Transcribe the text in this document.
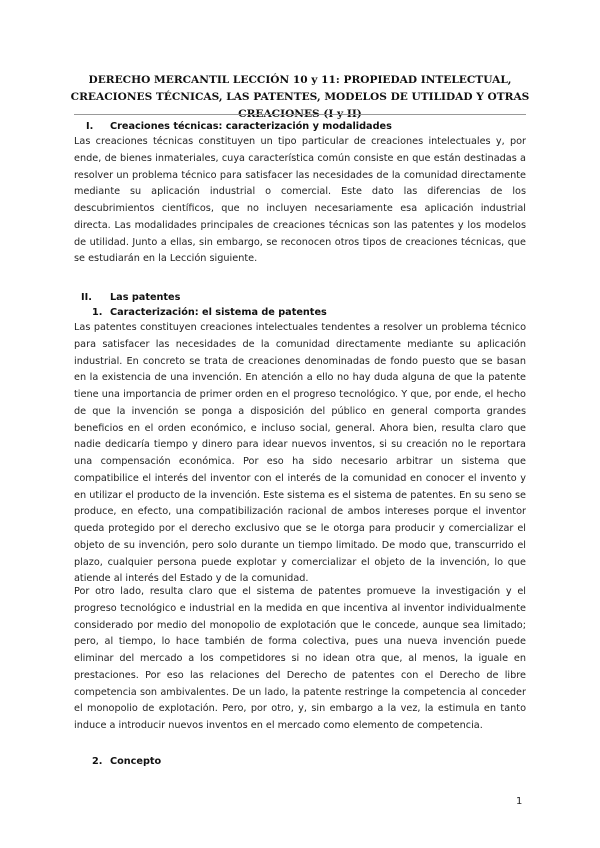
DERECHO MERCANTIL LECCIÓN 10 y 11: PROPIEDAD INTELECTUAL, CREACIONES TÉCNICAS, LAS PATENTES, MODELOS DE UTILIDAD Y OTRAS CREACIONES (I y II)
I. Creaciones técnicas: caracterización y modalidades

Las creaciones técnicas constituyen un tipo particular de creaciones intelectuales y, por ende, de bienes inmateriales, cuya característica común consiste en que están destinadas a resolver un problema técnico para satisfacer las necesidades de la comunidad directamente mediante su aplicación industrial o comercial. Este dato las diferencias de los descubrimientos científicos, que no incluyen necesariamente esa aplicación industrial directa. Las modalidades principales de creaciones técnicas son las patentes y los modelos de utilidad. Junto a ellas, sin embargo, se reconocen otros tipos de creaciones técnicas, que se estudiarán en la Lección siguiente.

II. Las patentes
1. Caracterización: el sistema de patentes

Las patentes constituyen creaciones intelectuales tendentes a resolver un problema técnico para satisfacer las necesidades de la comunidad directamente mediante su aplicación industrial. En concreto se trata de creaciones denominadas de fondo puesto que se basan en la existencia de una invención. En atención a ello no hay duda alguna de que la patente tiene una importancia de primer orden en el progreso tecnológico. Y que, por ende, el hecho de que la invención se ponga a disposición del público en general comporta grandes beneficios en el orden económico, e incluso social, general. Ahora bien, resulta claro que nadie dedicaría tiempo y dinero para idear nuevos inventos, si su creación no le reportara una compensación económica. Por eso ha sido necesario arbitrar un sistema que compatibilice el interés del inventor con el interés de la comunidad en conocer el invento y en utilizar el producto de la invención. Este sistema es el sistema de patentes. En su seno se produce, en efecto, una compatibilización racional de ambos intereses porque el inventor queda protegido por el derecho exclusivo que se le otorga para producir y comercializar el objeto de su invención, pero solo durante un tiempo limitado. De modo que, transcurrido el plazo, cualquier persona puede explotar y comercializar el objeto de la invención, lo que atiende al interés del Estado y de la comunidad.

Por otro lado, resulta claro que el sistema de patentes promueve la investigación y el progreso tecnológico e industrial en la medida en que incentiva al inventor individualmente considerado por medio del monopolio de explotación que le concede, aunque sea limitado; pero, al tiempo, lo hace también de forma colectiva, pues una nueva invención puede eliminar del mercado a los competidores si no idean otra que, al menos, la iguale en prestaciones. Por eso las relaciones del Derecho de patentes con el Derecho de libre competencia son ambivalentes. De un lado, la patente restringe la competencia al conceder el monopolio de explotación. Pero, por otro, y, sin embargo a la vez, la estimula en tanto induce a introducir nuevos inventos en el mercado como elemento de competencia.

2. Concepto
1
